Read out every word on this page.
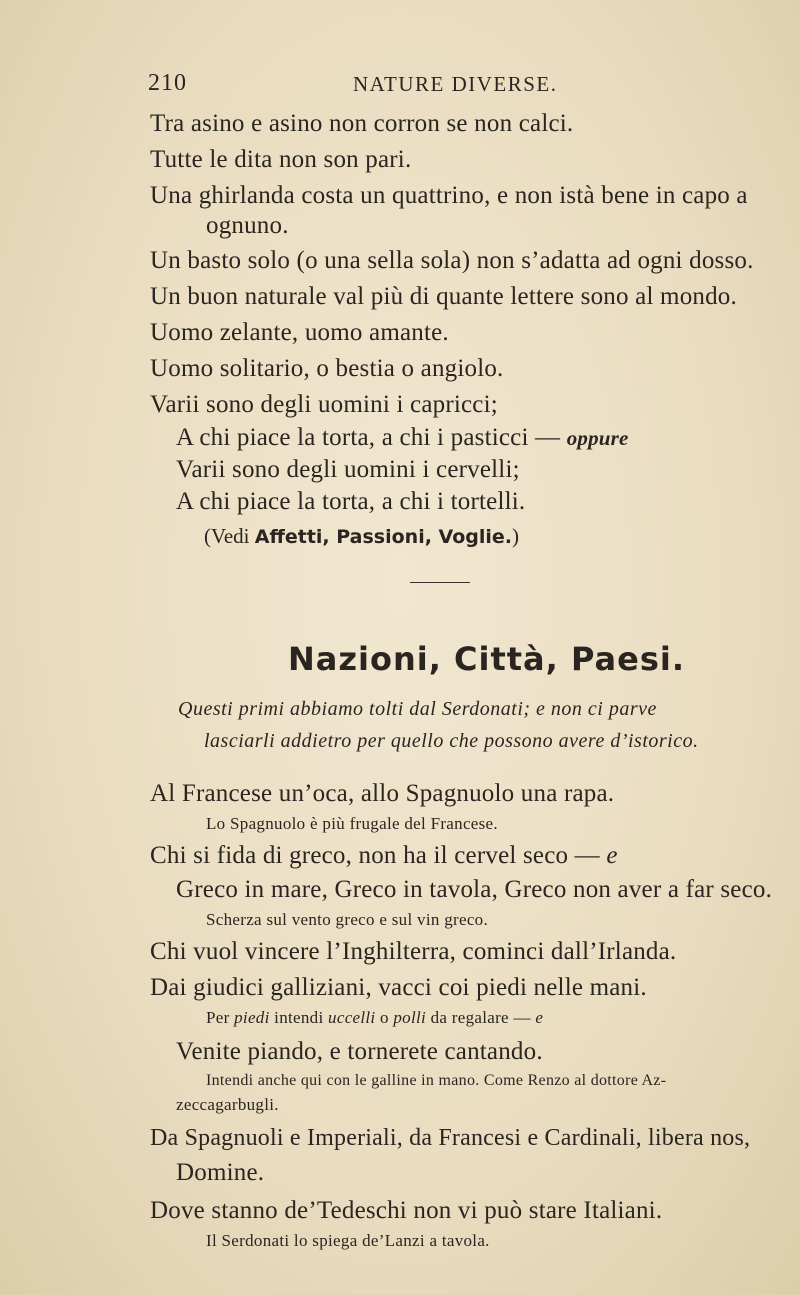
210	NATURE DIVERSE.
Tra asino e asino non corron se non calci.
Tutte le dita non son pari.
Una ghirlanda costa un quattrino, e non istà bene in capo a
ognuno.
Un basto solo (o una sella sola) non s’adatta ad ogni dosso.
Un buon naturale val più di quante lettere sono al mondo.
Uomo zelante, uomo amante.
Uomo solitario, o bestia o angiolo.
Varii sono degli uomini i capricci;
A chi piace la torta, a chi i pasticci — oppure
Varii sono degli uomini i cervelli;
A chi piace la torta, a chi i tortelli.
(Vedi Affetti, Passioni, Voglie.)
Nazioni, Città, Paesi.
Questi primi abbiamo tolti dal Serdonati; e non ci parve
lasciarli addietro per quello che possono avere d’istorico.
Al Francese un’oca, allo Spagnuolo una rapa.
Lo Spagnuolo è più frugale del Francese.
Chi si fida di greco, non ha il cervel seco — e
Greco in mare, Greco in tavola, Greco non aver a far seco.
Scherza sul vento greco e sul vin greco.
Chi vuol vincere l’Inghilterra, cominci dall’Irlanda.
Dai giudici galliziani, vacci coi piedi nelle mani.
Per piedi intendi uccelli o polli da regalare — e
Venite piando, e tornerete cantando.
Intendi anche qui con le galline in mano. Come Renzo al dottore Az-
zeccagarbugli.
Da Spagnuoli e Imperiali, da Francesi e Cardinali, libera nos,
Domine.
Dove stanno de’Tedeschi non vi può stare Italiani.
Il Serdonati lo spiega de’Lanzi a tavola.
